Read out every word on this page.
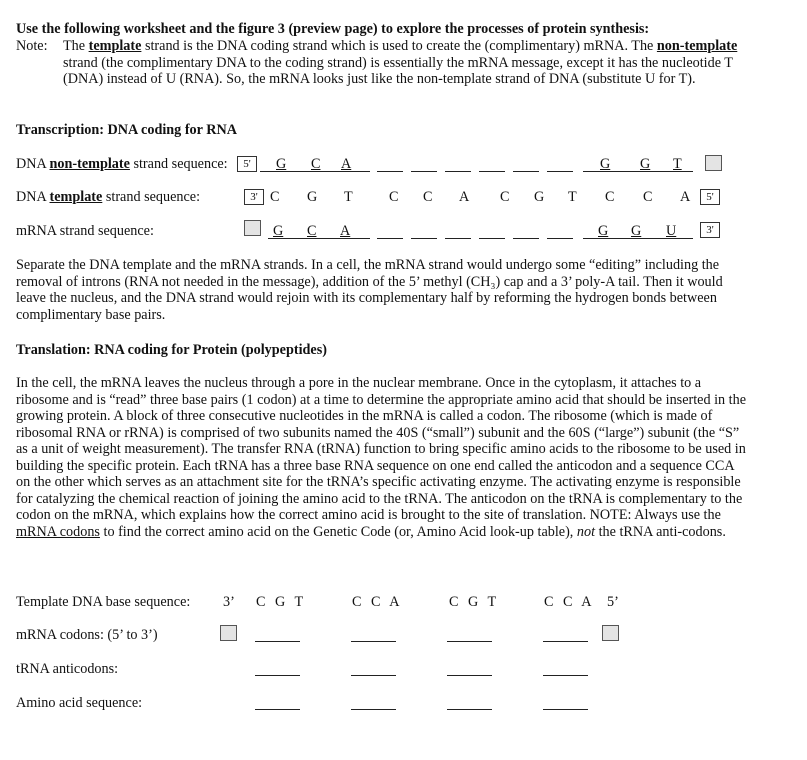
Use the following worksheet and the figure 3 (preview page) to explore the processes of protein synthesis:
Note: The template strand is the DNA coding strand which is used to create the (complimentary) mRNA. The non-template strand (the complimentary DNA to the coding strand) is essentially the mRNA message, except it has the nucleotide T (DNA) instead of U (RNA). So, the mRNA looks just like the non-template strand of DNA (substitute U for T).
Transcription: DNA coding for RNA
DNA non-template strand sequence:	5'	G C A	G G T
DNA template strand sequence:	3' C G T	C C A C G T C C A	5'
mRNA strand sequence:	G C A	G G U	3'
Separate the DNA template and the mRNA strands. In a cell, the mRNA strand would undergo some “editing” including the removal of introns (RNA not needed in the message), addition of the 5’ methyl (CH₃) cap and a 3’ poly-A tail. Then it would leave the nucleus, and the DNA strand would rejoin with its complementary half by reforming the hydrogen bonds between complimentary base pairs.
Translation: RNA coding for Protein (polypeptides)
In the cell, the mRNA leaves the nucleus through a pore in the nuclear membrane. Once in the cytoplasm, it attaches to a ribosome and is “read” three base pairs (1 codon) at a time to determine the appropriate amino acid that should be inserted in the growing protein. A block of three consecutive nucleotides in the mRNA is called a codon. The ribosome (which is made of ribosomal RNA or rRNA) is comprised of two subunits named the 40S (“small”) subunit and the 60S (“large”) subunit (the “S” as a unit of weight measurement). The transfer RNA (tRNA) function to bring specific amino acids to the ribosome to be used in building the specific protein. Each tRNA has a three base RNA sequence on one end called the anticodon and a sequence CCA on the other which serves as an attachment site for the tRNA’s specific activating enzyme. The activating enzyme is responsible for catalyzing the chemical reaction of joining the amino acid to the tRNA. The anticodon on the tRNA is complementary to the codon on the mRNA, which explains how the correct amino acid is brought to the site of translation. NOTE: Always use the mRNA codons to find the correct amino acid on the Genetic Code (or, Amino Acid look-up table), not the tRNA anti-codons.
Template DNA base sequence: 3’ C G T	C C A	C G T	C C A 5’
mRNA codons: (5’ to 3’)
tRNA anticodons:
Amino acid sequence:
